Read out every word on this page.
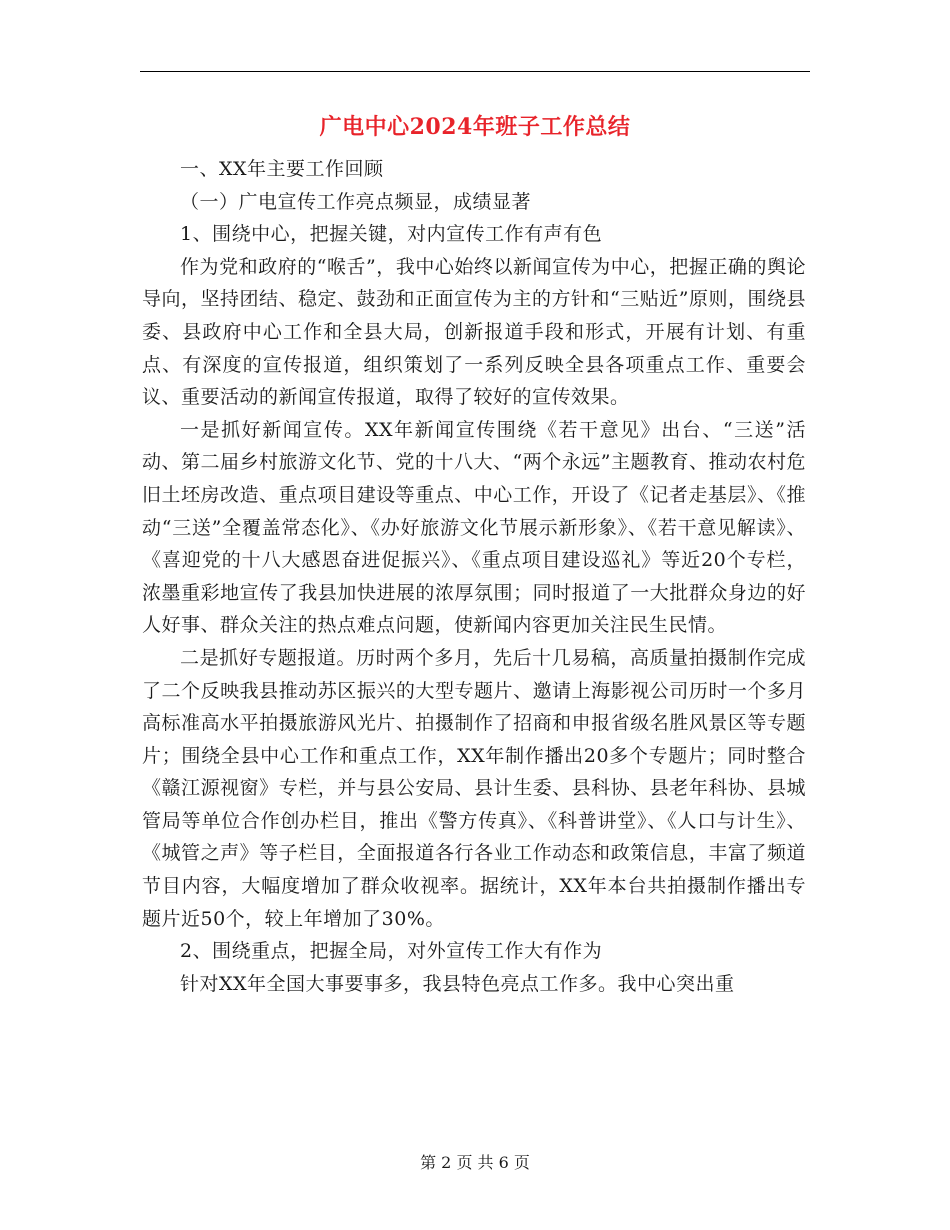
广电中心2024年班子工作总结

一、XX年主要工作回顾

（一）广电宣传工作亮点频显，成绩显著

1、围绕中心，把握关键，对内宣传工作有声有色

作为党和政府的“喉舌”，我中心始终以新闻宣传为中心，把握正确的舆论导向，坚持团结、稳定、鼓劲和正面宣传为主的方针和“三贴近”原则，围绕县委、县政府中心工作和全县大局，创新报道手段和形式，开展有计划、有重点、有深度的宣传报道，组织策划了一系列反映全县各项重点工作、重要会议、重要活动的新闻宣传报道，取得了较好的宣传效果。

一是抓好新闻宣传。XX年新闻宣传围绕《若干意见》出台、“三送”活动、第二届乡村旅游文化节、党的十八大、“两个永远”主题教育、推动农村危旧土坯房改造、重点项目建设等重点、中心工作，开设了《记者走基层》、《推动“三送”全覆盖常态化》、《办好旅游文化节展示新形象》、《若干意见解读》、《喜迎党的十八大感恩奋进促振兴》、《重点项目建设巡礼》等近20个专栏，浓墨重彩地宣传了我县加快进展的浓厚氛围；同时报道了一大批群众身边的好人好事、群众关注的热点难点问题，使新闻内容更加关注民生民情。

二是抓好专题报道。历时两个多月，先后十几易稿，高质量拍摄制作完成了二个反映我县推动苏区振兴的大型专题片、邀请上海影视公司历时一个多月高标准高水平拍摄旅游风光片、拍摄制作了招商和申报省级名胜风景区等专题片；围绕全县中心工作和重点工作，XX年制作播出20多个专题片；同时整合《赣江源视窗》专栏，并与县公安局、县计生委、县科协、县老年科协、县城管局等单位合作创办栏目，推出《警方传真》、《科普讲堂》、《人口与计生》、《城管之声》等子栏目，全面报道各行各业工作动态和政策信息，丰富了频道节目内容，大幅度增加了群众收视率。据统计，XX年本台共拍摄制作播出专题片近50个，较上年增加了30%。

2、围绕重点，把握全局，对外宣传工作大有作为

针对XX年全国大事要事多，我县特色亮点工作多。我中心突出重

第 2 页 共 6 页
